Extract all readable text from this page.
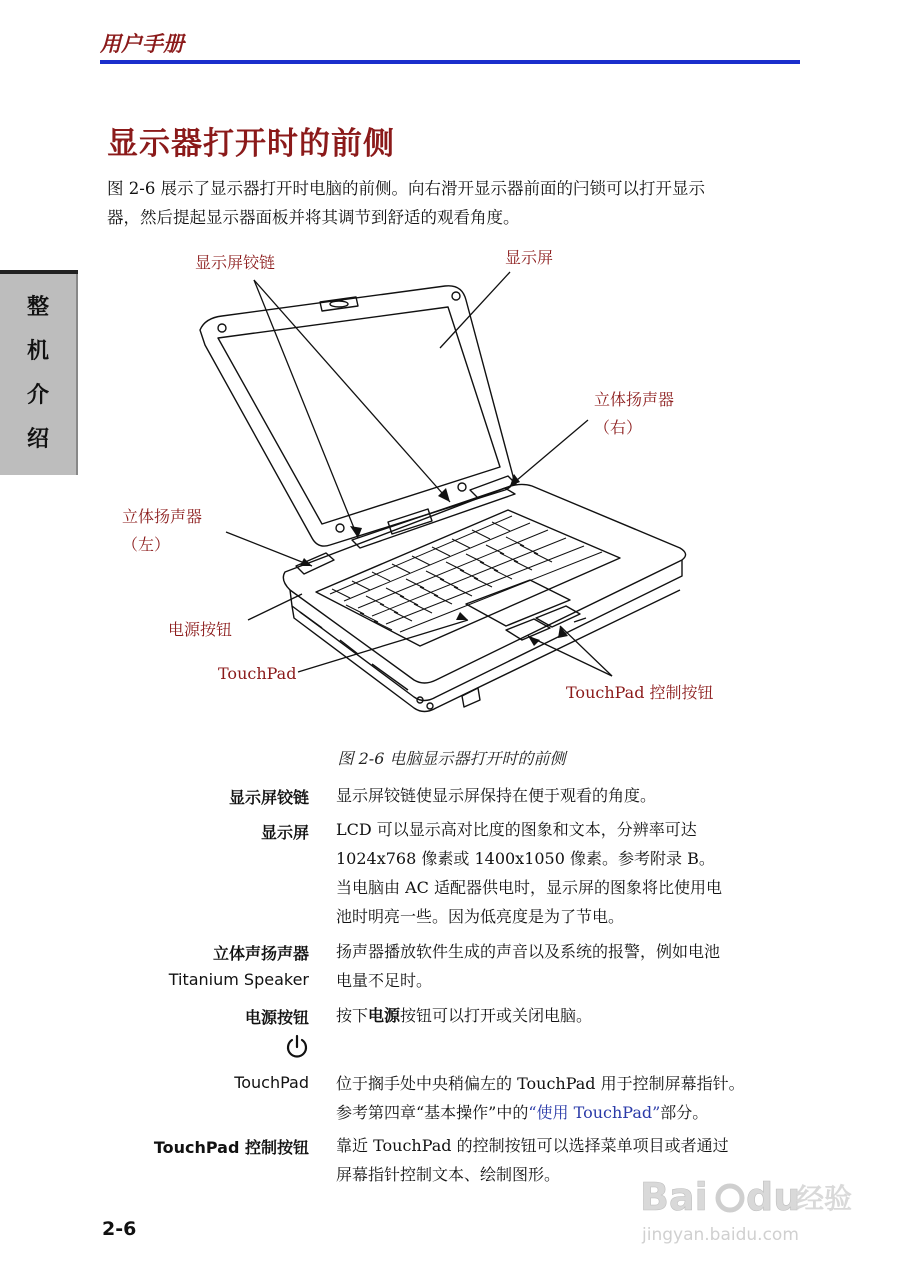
用户手册
整
机
介
绍
显示器打开时的前侧
图 2-6 展示了显示器打开时电脑的前侧。向右滑开显示器前面的闩锁可以打开显示
器，然后提起显示器面板并将其调节到舒适的观看角度。
显示屏铰链	显示屏
立体扬声器
（右）
立体扬声器
（左）
电源按钮
TouchPad
TouchPad 控制按钮
图 2-6 电脑显示器打开时的前侧
显示屏铰链 显示屏铰链使显示屏保持在便于观看的角度。
显示屏 LCD 可以显示高对比度的图象和文本，分辨率可达
1024x768 像素或 1400x1050 像素。参考附录 B。
当电脑由 AC 适配器供电时，显示屏的图象将比使用电
池时明亮一些。因为低亮度是为了节电。
立体声扬声器
Titanium Speaker
扬声器播放软件生成的声音以及系统的报警，例如电池
电量不足时。
电源按钮 按下电源按钮可以打开或关闭电脑。
TouchPad 位于搁手处中央稍偏左的 TouchPad 用于控制屏幕指针。
参考第四章“基本操作”中的“使用 TouchPad”部分。
TouchPad 控制按钮 靠近 TouchPad 的控制按钮可以选择菜单项目或者通过
屏幕指针控制文本、绘制图形。
2-6
Bai du
经验
jingyan.baidu.com
